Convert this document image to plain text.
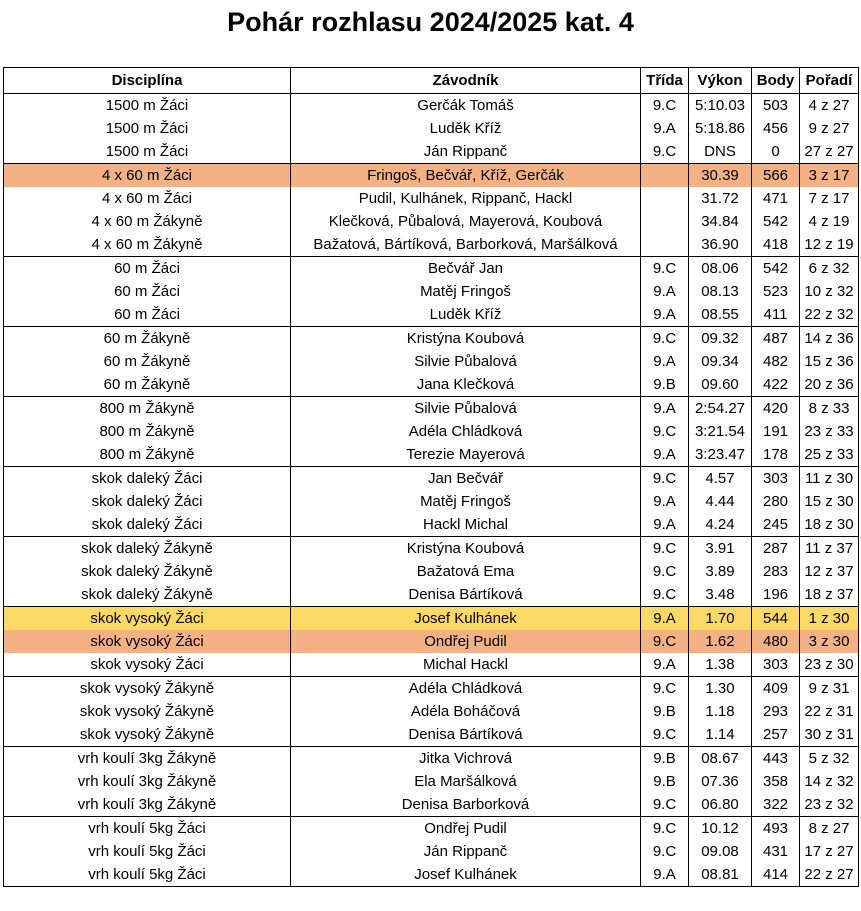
Pohár rozhlasu 2024/2025 kat. 4
Disciplína	Závodník	Třída	Výkon	Body	Pořadí
1500 m Žáci	Gerčák Tomáš	9.C	5:10.03	503	4 z 27
1500 m Žáci	Luděk Kříž	9.A	5:18.86	456	9 z 27
1500 m Žáci	Ján Rippanč	9.C	DNS	0	27 z 27
4 x 60 m Žáci	Fringoš, Bečvář, Kříž, Gerčák		30.39	566	3 z 17
4 x 60 m Žáci	Pudil, Kulhánek, Rippanč, Hackl		31.72	471	7 z 17
4 x 60 m Žákyně	Klečková, Půbalová, Mayerová, Koubová		34.84	542	4 z 19
4 x 60 m Žákyně	Bažatová, Bártíková, Barborková, Maršálková		36.90	418	12 z 19
60 m Žáci	Bečvář Jan	9.C	08.06	542	6 z 32
60 m Žáci	Matěj Fringoš	9.A	08.13	523	10 z 32
60 m Žáci	Luděk Kříž	9.A	08.55	411	22 z 32
60 m Žákyně	Kristýna Koubová	9.C	09.32	487	14 z 36
60 m Žákyně	Silvie Půbalová	9.A	09.34	482	15 z 36
60 m Žákyně	Jana Klečková	9.B	09.60	422	20 z 36
800 m Žákyně	Silvie Půbalová	9.A	2:54.27	420	8 z 33
800 m Žákyně	Adéla Chládková	9.C	3:21.54	191	23 z 33
800 m Žákyně	Terezie Mayerová	9.A	3:23.47	178	25 z 33
skok daleký Žáci	Jan Bečvář	9.C	4.57	303	11 z 30
skok daleký Žáci	Matěj Fringoš	9.A	4.44	280	15 z 30
skok daleký Žáci	Hackl Michal	9.A	4.24	245	18 z 30
skok daleký Žákyně	Kristýna Koubová	9.C	3.91	287	11 z 37
skok daleký Žákyně	Bažatová Ema	9.C	3.89	283	12 z 37
skok daleký Žákyně	Denisa Bártíková	9.C	3.48	196	18 z 37
skok vysoký Žáci	Josef Kulhánek	9.A	1.70	544	1 z 30
skok vysoký Žáci	Ondřej Pudil	9.C	1.62	480	3 z 30
skok vysoký Žáci	Michal Hackl	9.A	1.38	303	23 z 30
skok vysoký Žákyně	Adéla Chládková	9.C	1.30	409	9 z 31
skok vysoký Žákyně	Adéla Boháčová	9.B	1.18	293	22 z 31
skok vysoký Žákyně	Denisa Bártíková	9.C	1.14	257	30 z 31
vrh koulí 3kg Žákyně	Jitka Vichrová	9.B	08.67	443	5 z 32
vrh koulí 3kg Žákyně	Ela Maršálková	9.B	07.36	358	14 z 32
vrh koulí 3kg Žákyně	Denisa Barborková	9.C	06.80	322	23 z 32
vrh koulí 5kg Žáci	Ondřej Pudil	9.C	10.12	493	8 z 27
vrh koulí 5kg Žáci	Ján Rippanč	9.C	09.08	431	17 z 27
vrh koulí 5kg Žáci	Josef Kulhánek	9.A	08.81	414	22 z 27
